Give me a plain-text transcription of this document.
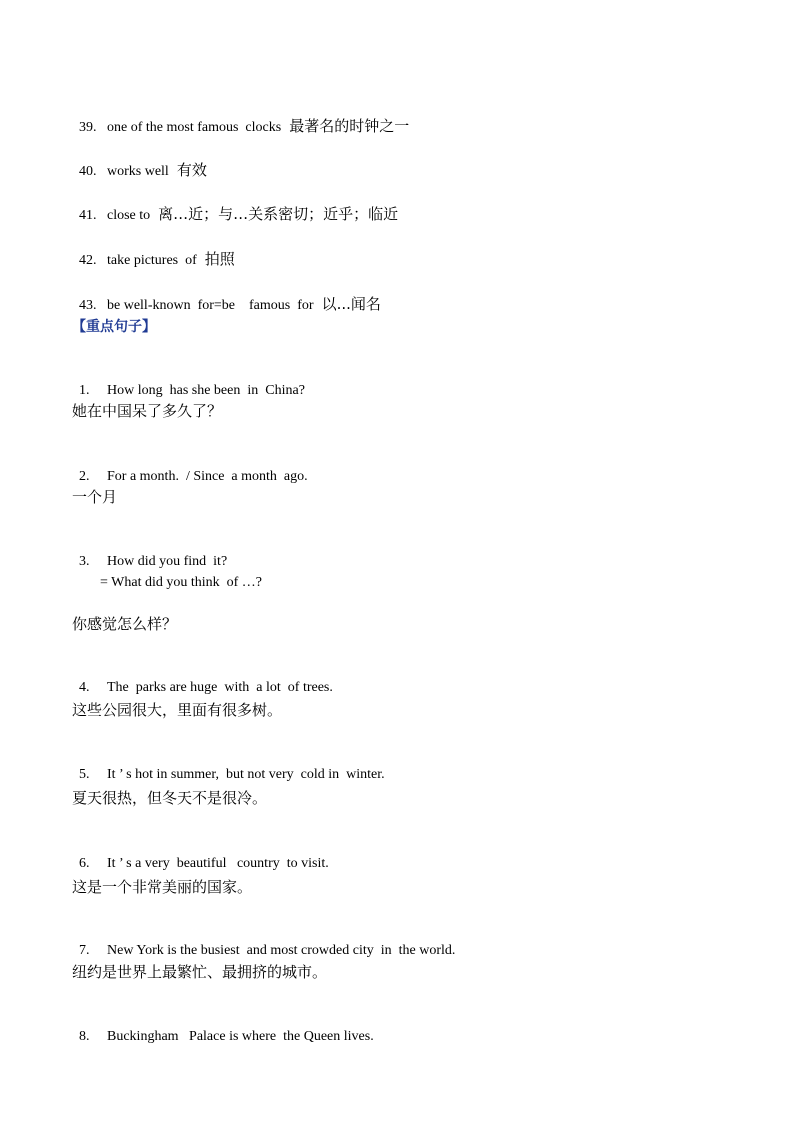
39. one of the most famous  clocks 最著名的时钟之一

40. works well 有效

41. close to 离…近；与…关系密切；近乎；临近

42. take pictures  of 拍照

43. be well-known  for=be    famous  for 以...闻名

【重点句子】

1. How long  has she been  in  China?

她在中国呆了多久了？

2. For a month.  / Since  a month  ago.

一个月

3. How did you find  it?

= What did you think  of …?
你感觉怎么样？

4. The  parks are huge  with  a lot  of trees.

这些公园很大，里面有很多树。

5. It ’ s hot in summer,  but not very  cold in  winter.

夏天很热，但冬天不是很冷。

6. It ’ s a very  beautiful   country  to visit.

这是一个非常美丽的国家。

7. New York is the busiest  and most crowded city  in  the world.

纽约是世界上最繁忙、最拥挤的城市。

8. Buckingham   Palace is where  the Queen lives.
